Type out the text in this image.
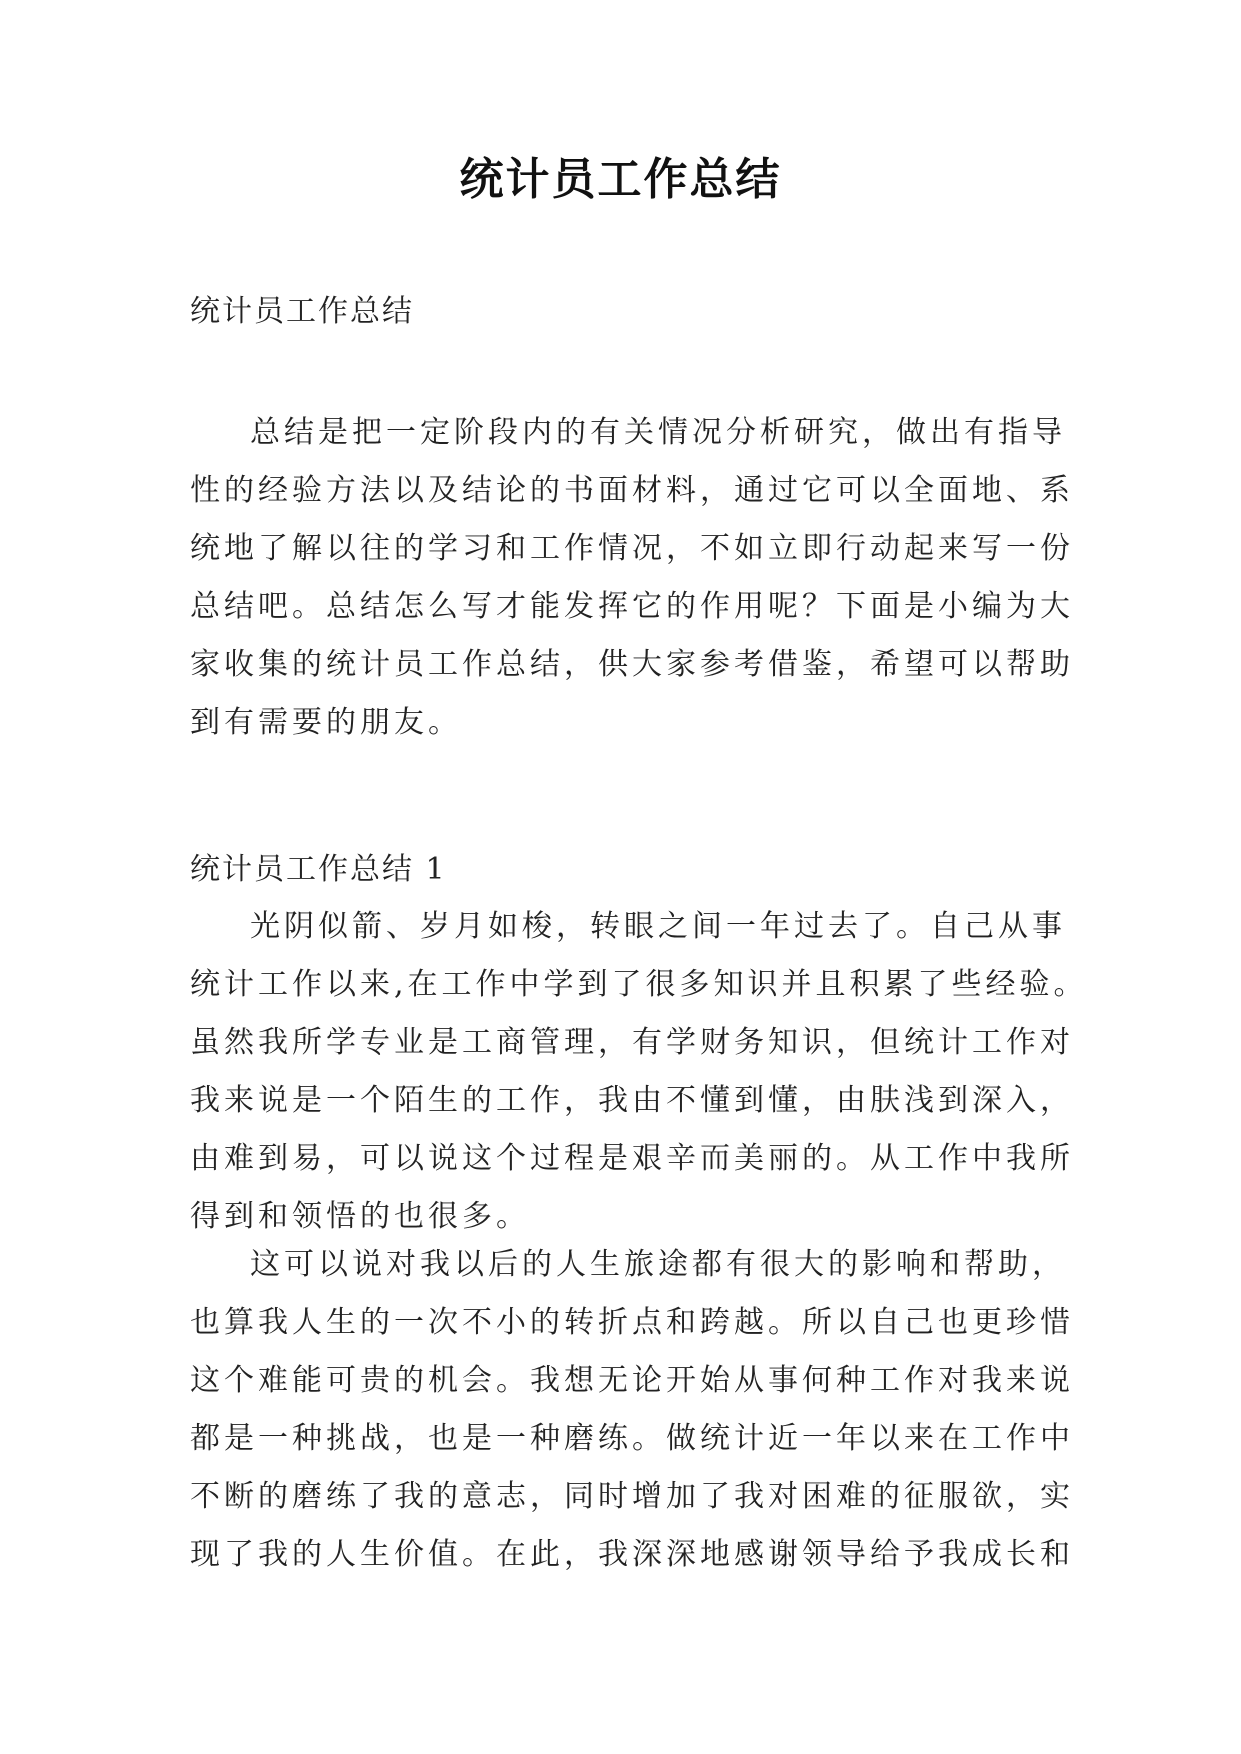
统计员工作总结
统计员工作总结

总结是把一定阶段内的有关情况分析研究，做出有指导
性的经验方法以及结论的书面材料，通过它可以全面地、系
统地了解以往的学习和工作情况，不如立即行动起来写一份
总结吧。总结怎么写才能发挥它的作用呢？下面是小编为大
家收集的统计员工作总结，供大家参考借鉴，希望可以帮助
到有需要的朋友。

统计员工作总结 1

光阴似箭、岁月如梭，转眼之间一年过去了。自己从事
统计工作以来,在工作中学到了很多知识并且积累了些经验。
虽然我所学专业是工商管理，有学财务知识，但统计工作对
我来说是一个陌生的工作，我由不懂到懂，由肤浅到深入，
由难到易，可以说这个过程是艰辛而美丽的。从工作中我所
得到和领悟的也很多。

这可以说对我以后的人生旅途都有很大的影响和帮助，
也算我人生的一次不小的转折点和跨越。所以自己也更珍惜
这个难能可贵的机会。我想无论开始从事何种工作对我来说
都是一种挑战，也是一种磨练。做统计近一年以来在工作中
不断的磨练了我的意志，同时增加了我对困难的征服欲，实
现了我的人生价值。在此，我深深地感谢领导给予我成长和
